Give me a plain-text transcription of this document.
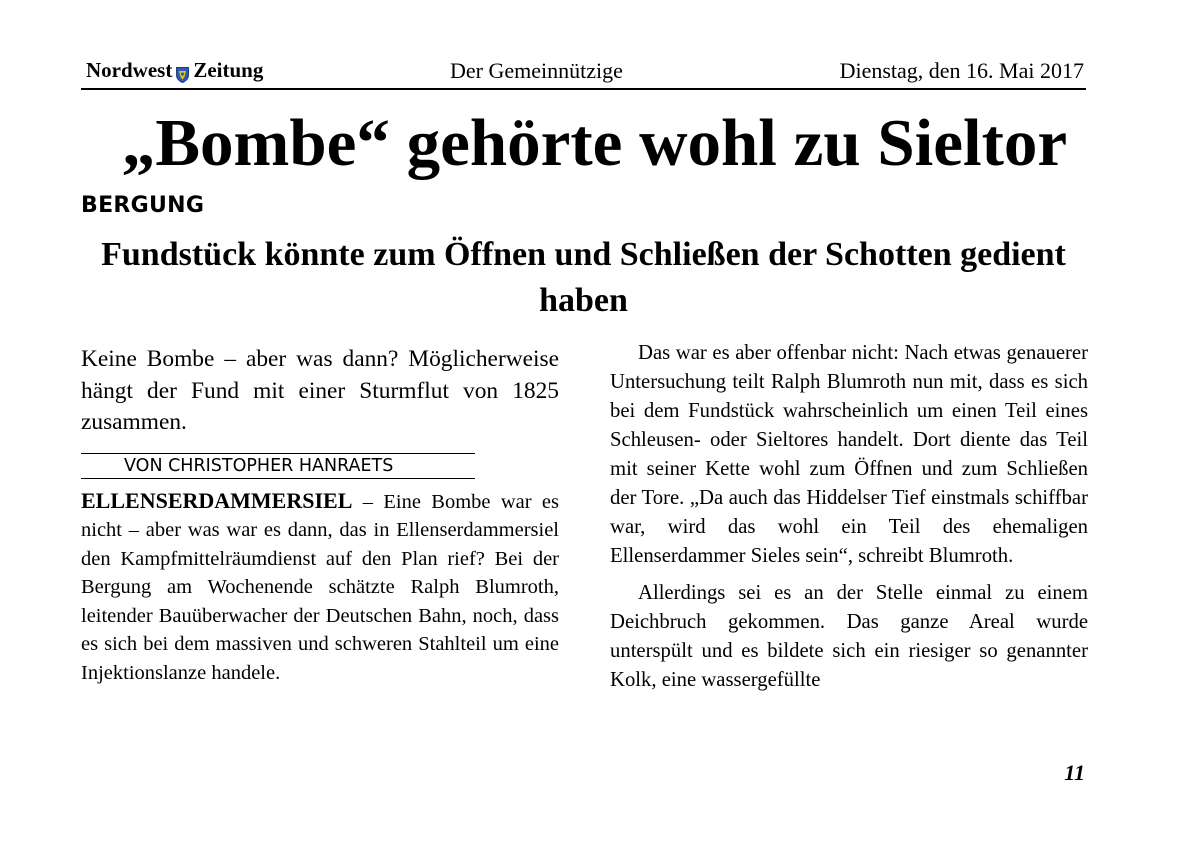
Nordwest Zeitung	Der Gemeinnützige	Dienstag, den 16. Mai 2017
„Bombe“ gehörte wohl zu Sieltor
BERGUNG
Fundstück könnte zum Öffnen und Schließen der Schotten gedient haben

Keine Bombe – aber was dann? Möglicherweise hängt der Fund mit einer Sturmflut von 1825 zusammen.

VON CHRISTOPHER HANRAETS

ELLENSERDAMMERSIEL – Eine Bombe war es nicht – aber was war es dann, das in Ellenserdammersiel den Kampfmittelräumdienst auf den Plan rief? Bei der Bergung am Wochenende schätzte Ralph Blumroth, leitender Bauüberwacher der Deutschen Bahn, noch, dass es sich bei dem massiven und schweren Stahlteil um eine Injektionslanze handele.

Das war es aber offenbar nicht: Nach etwas genauerer Untersuchung teilt Ralph Blumroth nun mit, dass es sich bei dem Fundstück wahrscheinlich um einen Teil eines Schleusen- oder Sieltores handelt. Dort diente das Teil mit seiner Kette wohl zum Öffnen und zum Schließen der Tore. „Da auch das Hiddelser Tief einstmals schiffbar war, wird das wohl ein Teil des ehemaligen Ellenserdammer Sieles sein“, schreibt Blumroth.

Allerdings sei es an der Stelle einmal zu einem Deichbruch gekommen. Das ganze Areal wurde unterspült und es bildete sich ein riesiger so genannter Kolk, eine wassergefüllte

11
